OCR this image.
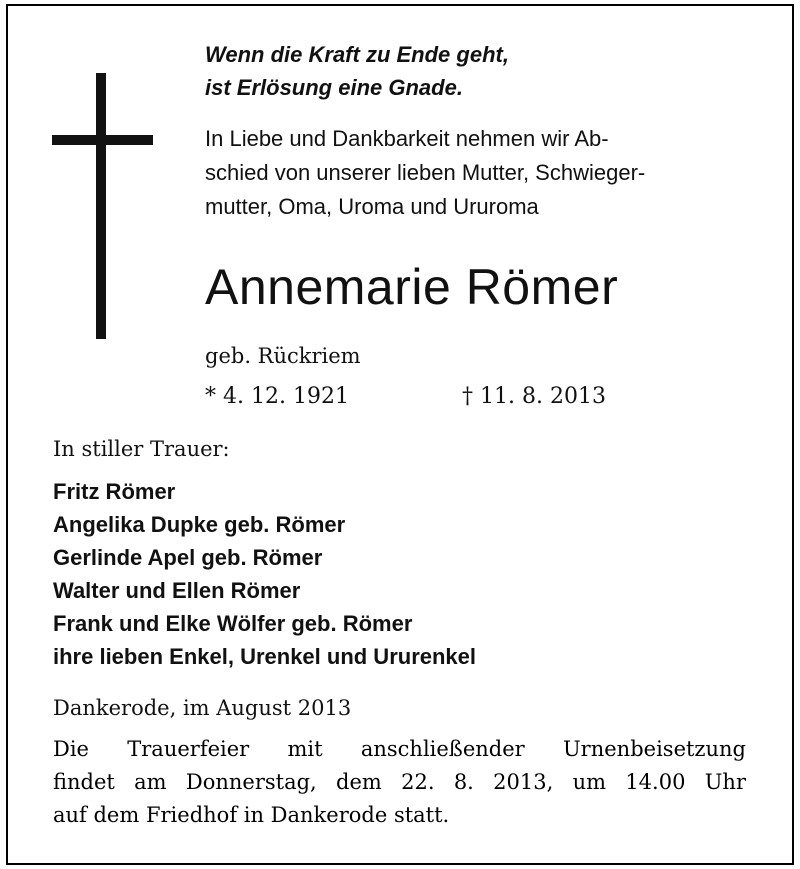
Wenn die Kraft zu Ende geht,

ist Erlösung eine Gnade.

In Liebe und Dankbarkeit nehmen wir Ab-

schied von unserer lieben Mutter, Schwieger-

mutter, Oma, Uroma und Ururoma

Annemarie Römer

geb. Rückriem

* 4. 12. 1921	† 11. 8. 2013

In stiller Trauer:

Fritz Römer

Angelika Dupke geb. Römer

Gerlinde Apel geb. Römer

Walter und Ellen Römer

Frank und Elke Wölfer geb. Römer

ihre lieben Enkel, Urenkel und Ururenkel

Dankerode, im August 2013

Die Trauerfeier mit anschließender Urnenbeisetzung

findet am Donnerstag, dem 22. 8. 2013, um 14.00 Uhr

auf dem Friedhof in Dankerode statt.
